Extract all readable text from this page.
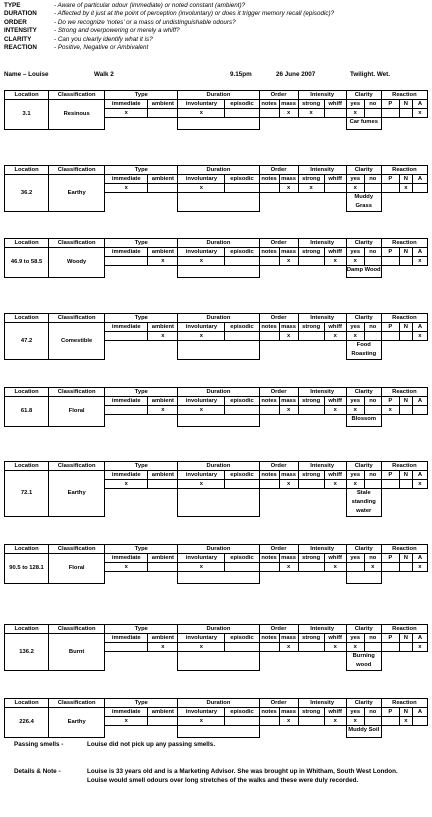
TYPE	- Aware of particular odour (immediate) or noted constant (ambient)?
DURATION	- Affected by it just at the point of perception (involuntary) or does it trigger memory recall (episodic)?
ORDER	- Do we recognize ‘notes’ or a mass of undistinguishable odours?
INTENSITY	- Strong and overpowering or merely a whiff?
CLARITY	- Can you clearly identify what it is?
REACTION	- Positive, Negative or Ambivalent
Name – Louise	Walk 2	9.15pm	26 June 2007	Twilight. Wet.
Location	Classification	Type		Duration		Order		Intensity		Clarity		Reaction		
3.1	Resinous	immediate	ambient	involuntary	episodic	notes	mass	strong	whiff	yes	no	P	N	A
		x		x			x	x		x				x
										Car fumes				
Location	Classification	Type		Duration		Order		Intensity		Clarity		Reaction		
36.2	Earthy	immediate	ambient	involuntary	episodic	notes	mass	strong	whiff	yes	no	P	N	A
		x		x			x	x		x			x	
										Muddy Grass				
Location	Classification	Type		Duration		Order		Intensity		Clarity		Reaction		
46.9 to 58.5	Woody	immediate	ambient	involuntary	episodic	notes	mass	strong	whiff	yes	no	P	N	A
			x	x			x		x	x				x
										Damp Wood				
Location	Classification	Type		Duration		Order		Intensity		Clarity		Reaction		
47.2	Comestible	immediate	ambient	involuntary	episodic	notes	mass	strong	whiff	yes	no	P	N	A
			x	x			x		x	x				x
										Food Roasting				
Location	Classification	Type		Duration		Order		Intensity		Clarity		Reaction		
61.8	Floral	immediate	ambient	involuntary	episodic	notes	mass	strong	whiff	yes	no	P	N	A
			x	x			x		x	x		x		
										Blossom				
Location	Classification	Type		Duration		Order		Intensity		Clarity		Reaction		
72.1	Earthy	immediate	ambient	involuntary	episodic	notes	mass	strong	whiff	yes	no	P	N	A
		x		x			x		x	x				x
										Stale standing water				
Location	Classification	Type		Duration		Order		Intensity		Clarity		Reaction		
90.5 to 128.1	Floral	immediate	ambient	involuntary	episodic	notes	mass	strong	whiff	yes	no	P	N	A
		x		x			x		x		x			x

Location	Classification	Type		Duration		Order		Intensity		Clarity		Reaction		
136.2	Burnt	immediate	ambient	involuntary	episodic	notes	mass	strong	whiff	yes	no	P	N	A
			x	x			x		x	x				x
										Burning wood				
Location	Classification	Type		Duration		Order		Intensity		Clarity		Reaction		
226.4	Earthy	immediate	ambient	involuntary	episodic	notes	mass	strong	whiff	yes	no	P	N	A
		x		x			x		x	x			x	
										Muddy Soil				
Passing smells -	Louise did not pick up any passing smells.
Details & Note -	Louise is 33 years old and is a Marketing Advisor. She was brought up in Whitham, South West London. Louise would smell odours over long stretches of the walks and these were duly recorded.
